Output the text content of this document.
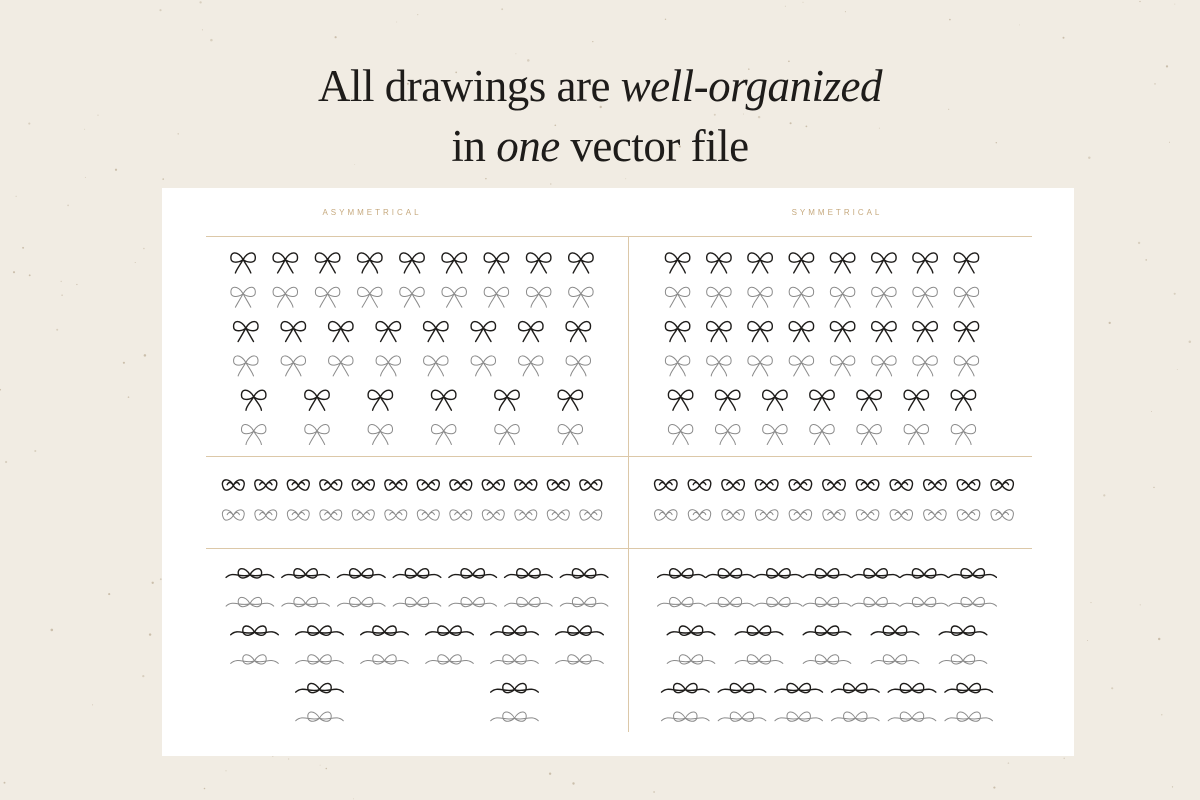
All drawings are well-organized
in one vector file
ASYMMETRICAL	SYMMETRICAL
